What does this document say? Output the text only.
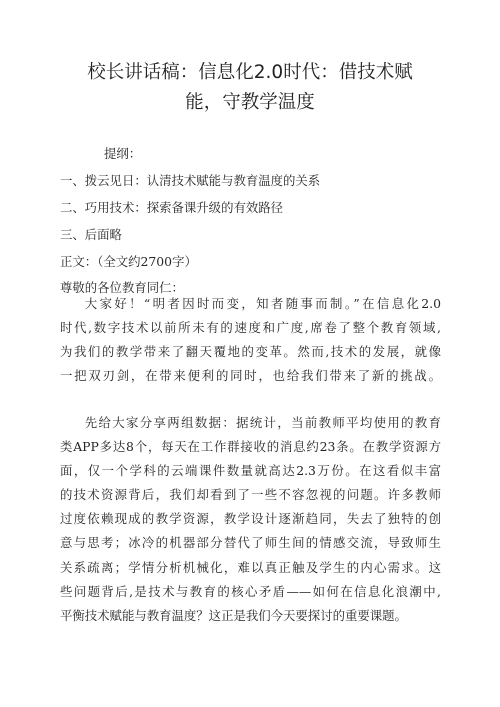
校长讲话稿：信息化2.0时代：借技术赋
能，守教学温度
提纲：
一、拨云见日：认清技术赋能与教育温度的关系
二、巧用技术：探索备课升级的有效路径
三、后面略
正文：（全文约2700字）
尊敬的各位教育同仁：
大家好！“明者因时而变，知者随事而制。”在信息化2.0
时代,数字技术以前所未有的速度和广度,席卷了整个教育领域,
为我们的教学带来了翻天覆地的变革。然而,技术的发展，就像
一把双刃剑，在带来便利的同时，也给我们带来了新的挑战。
先给大家分享两组数据：据统计，当前教师平均使用的教育
类APP多达8个，每天在工作群接收的消息约23条。在教学资源方
面，仅一个学科的云端课件数量就高达2.3万份。在这看似丰富
的技术资源背后，我们却看到了一些不容忽视的问题。许多教师
过度依赖现成的教学资源，教学设计逐渐趋同，失去了独特的创
意与思考；冰冷的机器部分替代了师生间的情感交流，导致师生
关系疏离；学情分析机械化，难以真正触及学生的内心需求。这
些问题背后,是技术与教育的核心矛盾——如何在信息化浪潮中,
平衡技术赋能与教育温度？这正是我们今天要探讨的重要课题。
